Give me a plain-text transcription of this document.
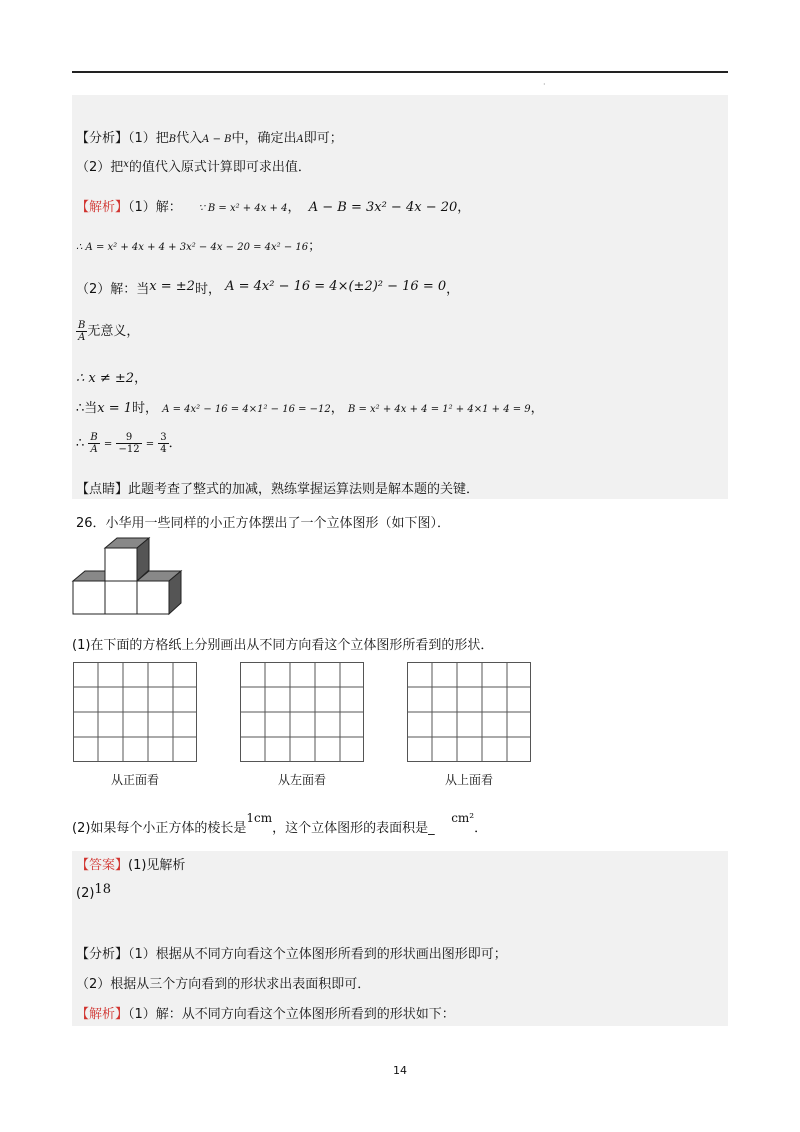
·
【分析】（1）把B代入A − B中，确定出A即可；
（2）把$^x$的值代入原式计算即可求出值．
【解析】（1）解： ∵ B = x² + 4x + 4， A − B = 3x² − 4x − 20，
∴ A = x² + 4x + 4 + 3x² − 4x − 20 = 4x² − 16；
（2）解：当x = ±2时， A = 4x² − 16 = 4×(±2)² − 16 = 0，
$\frac{B}{A}$ 无意义，
∴ x ≠ ±2，
∴当x = 1时， A = 4x² − 16 = 4×1² − 16 = −12， B = x² + 4x + 4 = 1² + 4×1 + 4 = 9，
∴ $\frac{B}{A} = \frac{9}{-12} = \frac{3}{4}$ ．
【点睛】此题考查了整式的加减，熟练掌握运算法则是解本题的关键．
26．小华用一些同样的小正方体摆出了一个立体图形（如下图）．
(1)在下面的方格纸上分别画出从不同方向看这个立体图形所看到的形状．
从正面看	从左面看	从上面看
(2)如果每个小正方体的棱长是1cm，这个立体图形的表面积是_    cm²．
【答案】(1)见解析
(2)18
【分析】（1）根据从不同方向看这个立体图形所看到的形状画出图形即可；
（2）根据从三个方向看到的形状求出表面积即可．
【解析】（1）解：从不同方向看这个立体图形所看到的形状如下：
14
